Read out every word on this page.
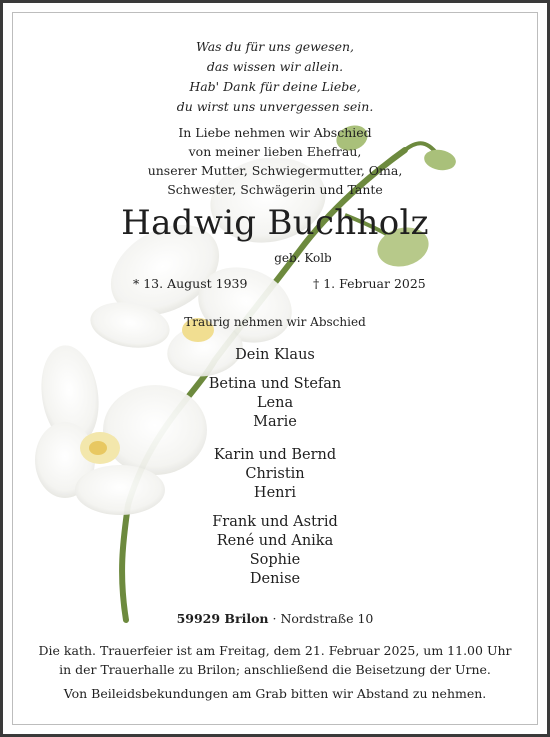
Was du für uns gewesen,
das wissen wir allein.
Hab' Dank für deine Liebe,
du wirst uns unvergessen sein.
In Liebe nehmen wir Abschied
von meiner lieben Ehefrau,
unserer Mutter, Schwiegermutter, Oma,
Schwester, Schwägerin und Tante
Hadwig Buchholz
geb. Kolb
* 13. August 1939	† 1. Februar 2025
Traurig nehmen wir Abschied
Dein Klaus
Betina und Stefan
Lena
Marie
Karin und Bernd
Christin
Henri
Frank und Astrid
René und Anika
Sophie
Denise
59929 Brilon · Nordstraße 10
Die kath. Trauerfeier ist am Freitag, dem 21. Februar 2025, um 11.00 Uhr
in der Trauerhalle zu Brilon; anschließend die Beisetzung der Urne.
Von Beileidsbekundungen am Grab bitten wir Abstand zu nehmen.
